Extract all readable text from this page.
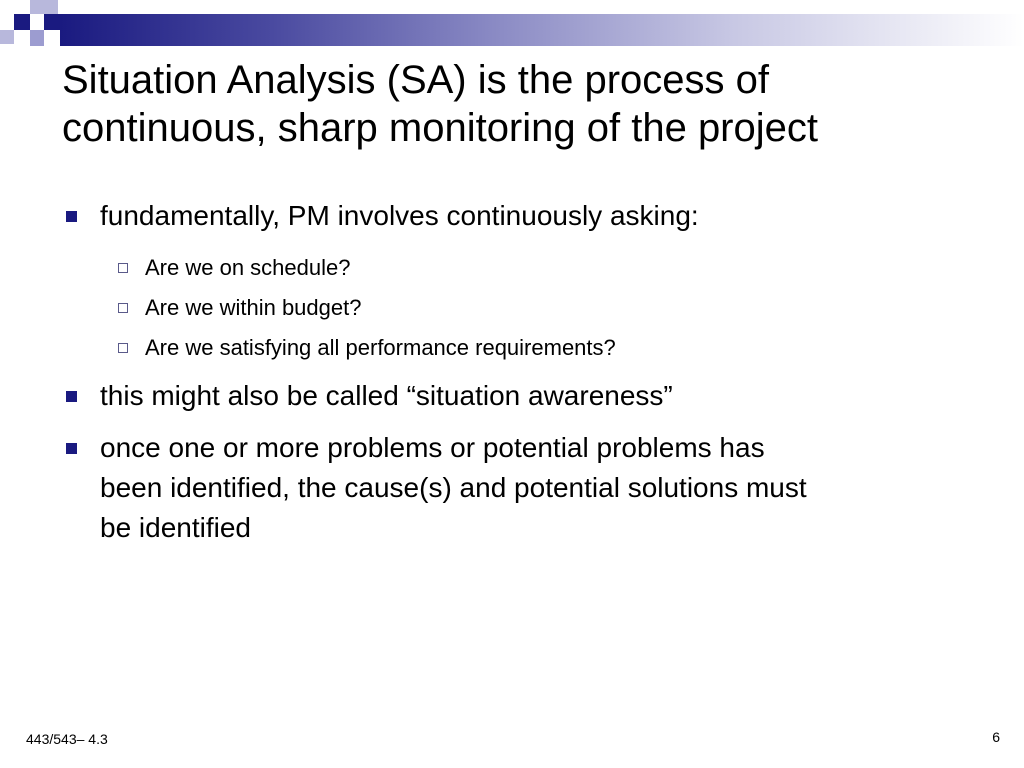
Situation Analysis (SA) is the process of
continuous, sharp monitoring of the project
fundamentally, PM involves continuously asking:
Are we on schedule?
Are we within budget?
Are we satisfying all performance requirements?
this might also be called “situation awareness”
once one or more problems or potential problems has
been identified, the cause(s) and potential solutions must
be identified
443/543– 4.3	6
